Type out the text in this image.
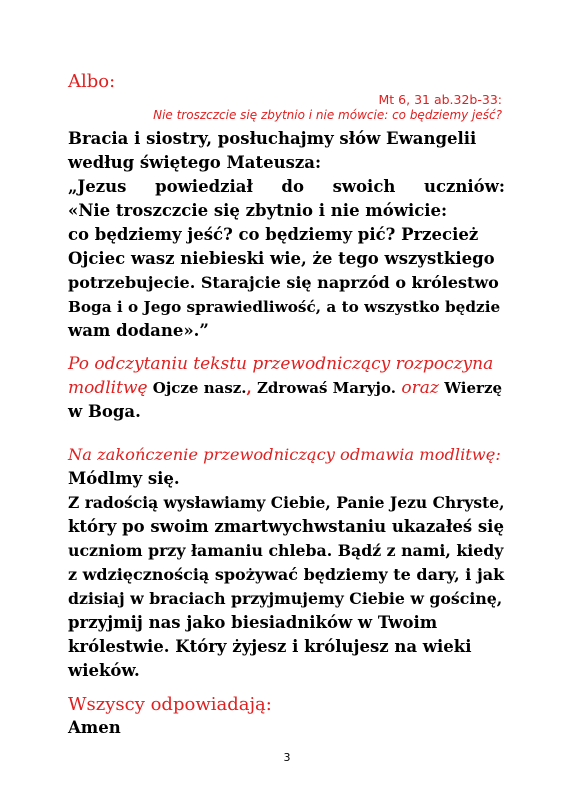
Albo:
Mt 6, 31 ab.32b-33:
Nie troszczcie się zbytnio i nie mówcie: co będziemy jeść?
Bracia i siostry, posłuchajmy słów Ewangelii
według świętego Mateusza:
„Jezus powiedział do swoich uczniów:
«Nie troszczcie się zbytnio i nie mówicie:
co będziemy jeść? co będziemy pić? Przecież
Ojciec wasz niebieski wie, że tego wszystkiego
potrzebujecie. Starajcie się naprzód o królestwo
Boga i o Jego sprawiedliwość, a to wszystko będzie
wam dodane».”
Po odczytaniu tekstu przewodniczący rozpoczyna
modlitwę Ojcze nasz., Zdrowaś Maryjo. oraz Wierzę
w Boga.
Na zakończenie przewodniczący odmawia modlitwę:
Módlmy się.
Z radością wysławiamy Ciebie, Panie Jezu Chryste,
który po swoim zmartwychwstaniu ukazałeś się
uczniom przy łamaniu chleba. Bądź z nami, kiedy
z wdzięcznością spożywać będziemy te dary, i jak
dzisiaj w braciach przyjmujemy Ciebie w gościnę,
przyjmij nas jako biesiadników w Twoim
królestwie. Który żyjesz i królujesz na wieki
wieków.
Wszyscy odpowiadają:
Amen
3
